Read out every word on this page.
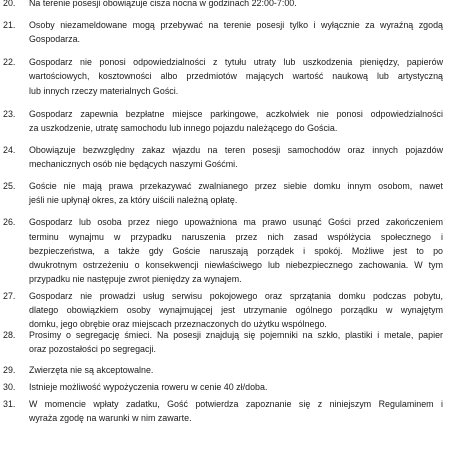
20.	Na terenie posesji obowiązuje cisza nocna w godzinach 22:00-7:00.
21.	Osoby niezameldowane mogą przebywać na terenie posesji tylko i wyłącznie za wyraźną zgodą
Gospodarza.
22.	Gospodarz nie ponosi odpowiedzialności z tytułu utraty lub uszkodzenia pieniędzy, papierów
wartościowych, kosztowności albo przedmiotów mających wartość naukową lub artystyczną
lub innych rzeczy materialnych Gości.
23.	Gospodarz zapewnia bezpłatne miejsce parkingowe, aczkolwiek nie ponosi odpowiedzialności
za uszkodzenie, utratę samochodu lub innego pojazdu należącego do Gościa.
24.	Obowiązuje bezwzględny zakaz wjazdu na teren posesji samochodów oraz innych pojazdów
mechanicznych osób nie będących naszymi Gośćmi.
25.	Goście nie mają prawa przekazywać zwalnianego przez siebie domku innym osobom, nawet
jeśli nie upłynął okres, za który uiścili należną opłatę.
26.	Gospodarz lub osoba przez niego upoważniona ma prawo usunąć Gości przed zakończeniem
terminu wynajmu w przypadku naruszenia przez nich zasad współżycia społecznego i
bezpieczeństwa, a także gdy Goście naruszają porządek i spokój. Możliwe jest to po
dwukrotnym ostrzeżeniu o konsekwencji niewłaściwego lub niebezpiecznego zachowania. W tym
przypadku nie następuje zwrot pieniędzy za wynajem.
27.	Gospodarz nie prowadzi usług serwisu pokojowego oraz sprzątania domku podczas pobytu,
dlatego obowiązkiem osoby wynajmującej jest utrzymanie ogólnego porządku w wynajętym
domku, jego obrębie oraz miejscach przeznaczonych do użytku wspólnego.
28.	Prosimy o segregację śmieci. Na posesji znajdują się pojemniki na szkło, plastiki i metale, papier
oraz pozostałości po segregacji.
29.	Zwierzęta nie są akceptowalne.
30.	Istnieje możliwość wypożyczenia roweru w cenie 40 zł/doba.
31.	W momencie wpłaty zadatku, Gość potwierdza zapoznanie się z niniejszym Regulaminem i
wyraża zgodę na warunki w nim zawarte.
